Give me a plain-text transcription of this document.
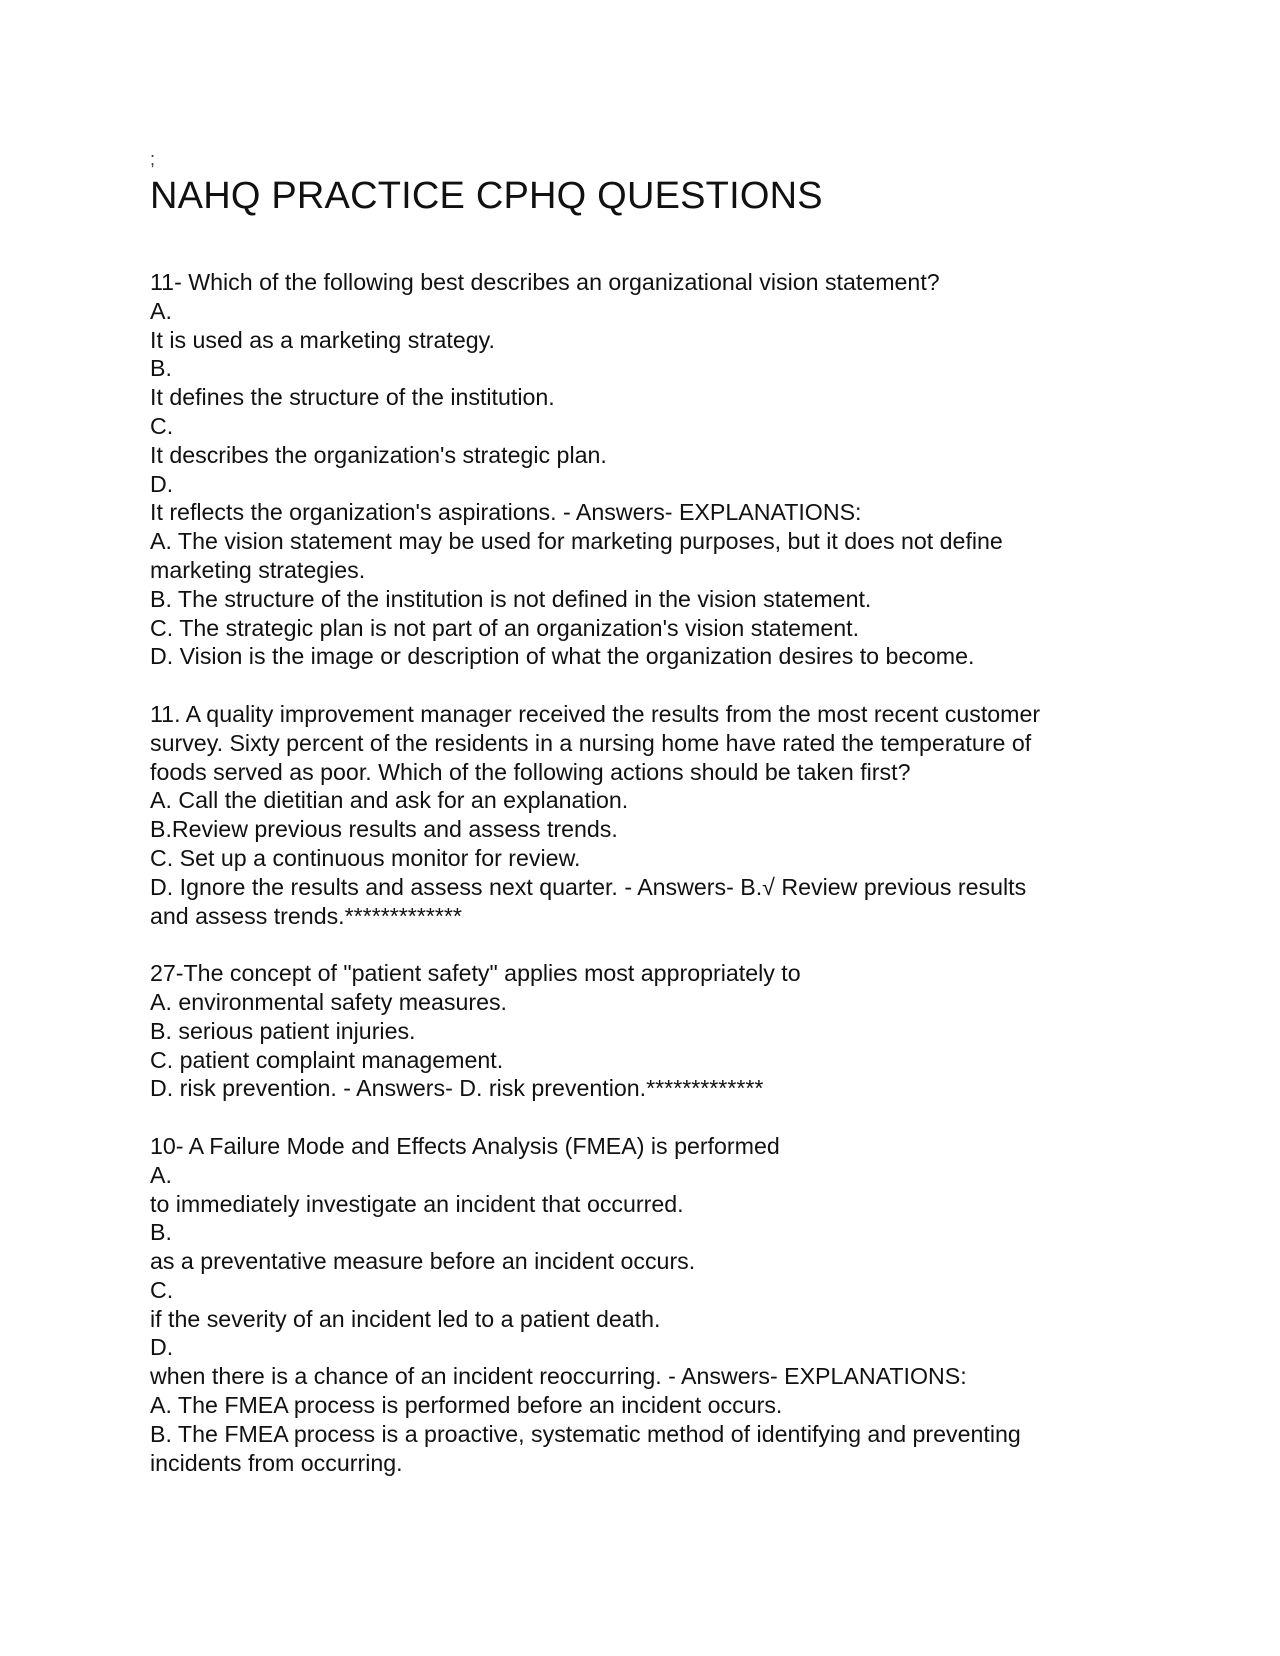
;
NAHQ PRACTICE CPHQ QUESTIONS
11- Which of the following best describes an organizational vision statement?
A.
It is used as a marketing strategy.
B.
It defines the structure of the institution.
C.
It describes the organization's strategic plan.
D.
It reflects the organization's aspirations. - Answers- EXPLANATIONS:
A. The vision statement may be used for marketing purposes, but it does not define
marketing strategies.
B. The structure of the institution is not defined in the vision statement.
C. The strategic plan is not part of an organization's vision statement.
D. Vision is the image or description of what the organization desires to become.
11. A quality improvement manager received the results from the most recent customer
survey. Sixty percent of the residents in a nursing home have rated the temperature of
foods served as poor. Which of the following actions should be taken first?
A. Call the dietitian and ask for an explanation.
B.Review previous results and assess trends.
C. Set up a continuous monitor for review.
D. Ignore the results and assess next quarter. - Answers- B.√ Review previous results
and assess trends.*************
27-The concept of "patient safety" applies most appropriately to
A. environmental safety measures.
B. serious patient injuries.
C. patient complaint management.
D. risk prevention. - Answers- D. risk prevention.*************
10- A Failure Mode and Effects Analysis (FMEA) is performed
A.
to immediately investigate an incident that occurred.
B.
as a preventative measure before an incident occurs.
C.
if the severity of an incident led to a patient death.
D.
when there is a chance of an incident reoccurring. - Answers- EXPLANATIONS:
A. The FMEA process is performed before an incident occurs.
B. The FMEA process is a proactive, systematic method of identifying and preventing
incidents from occurring.
